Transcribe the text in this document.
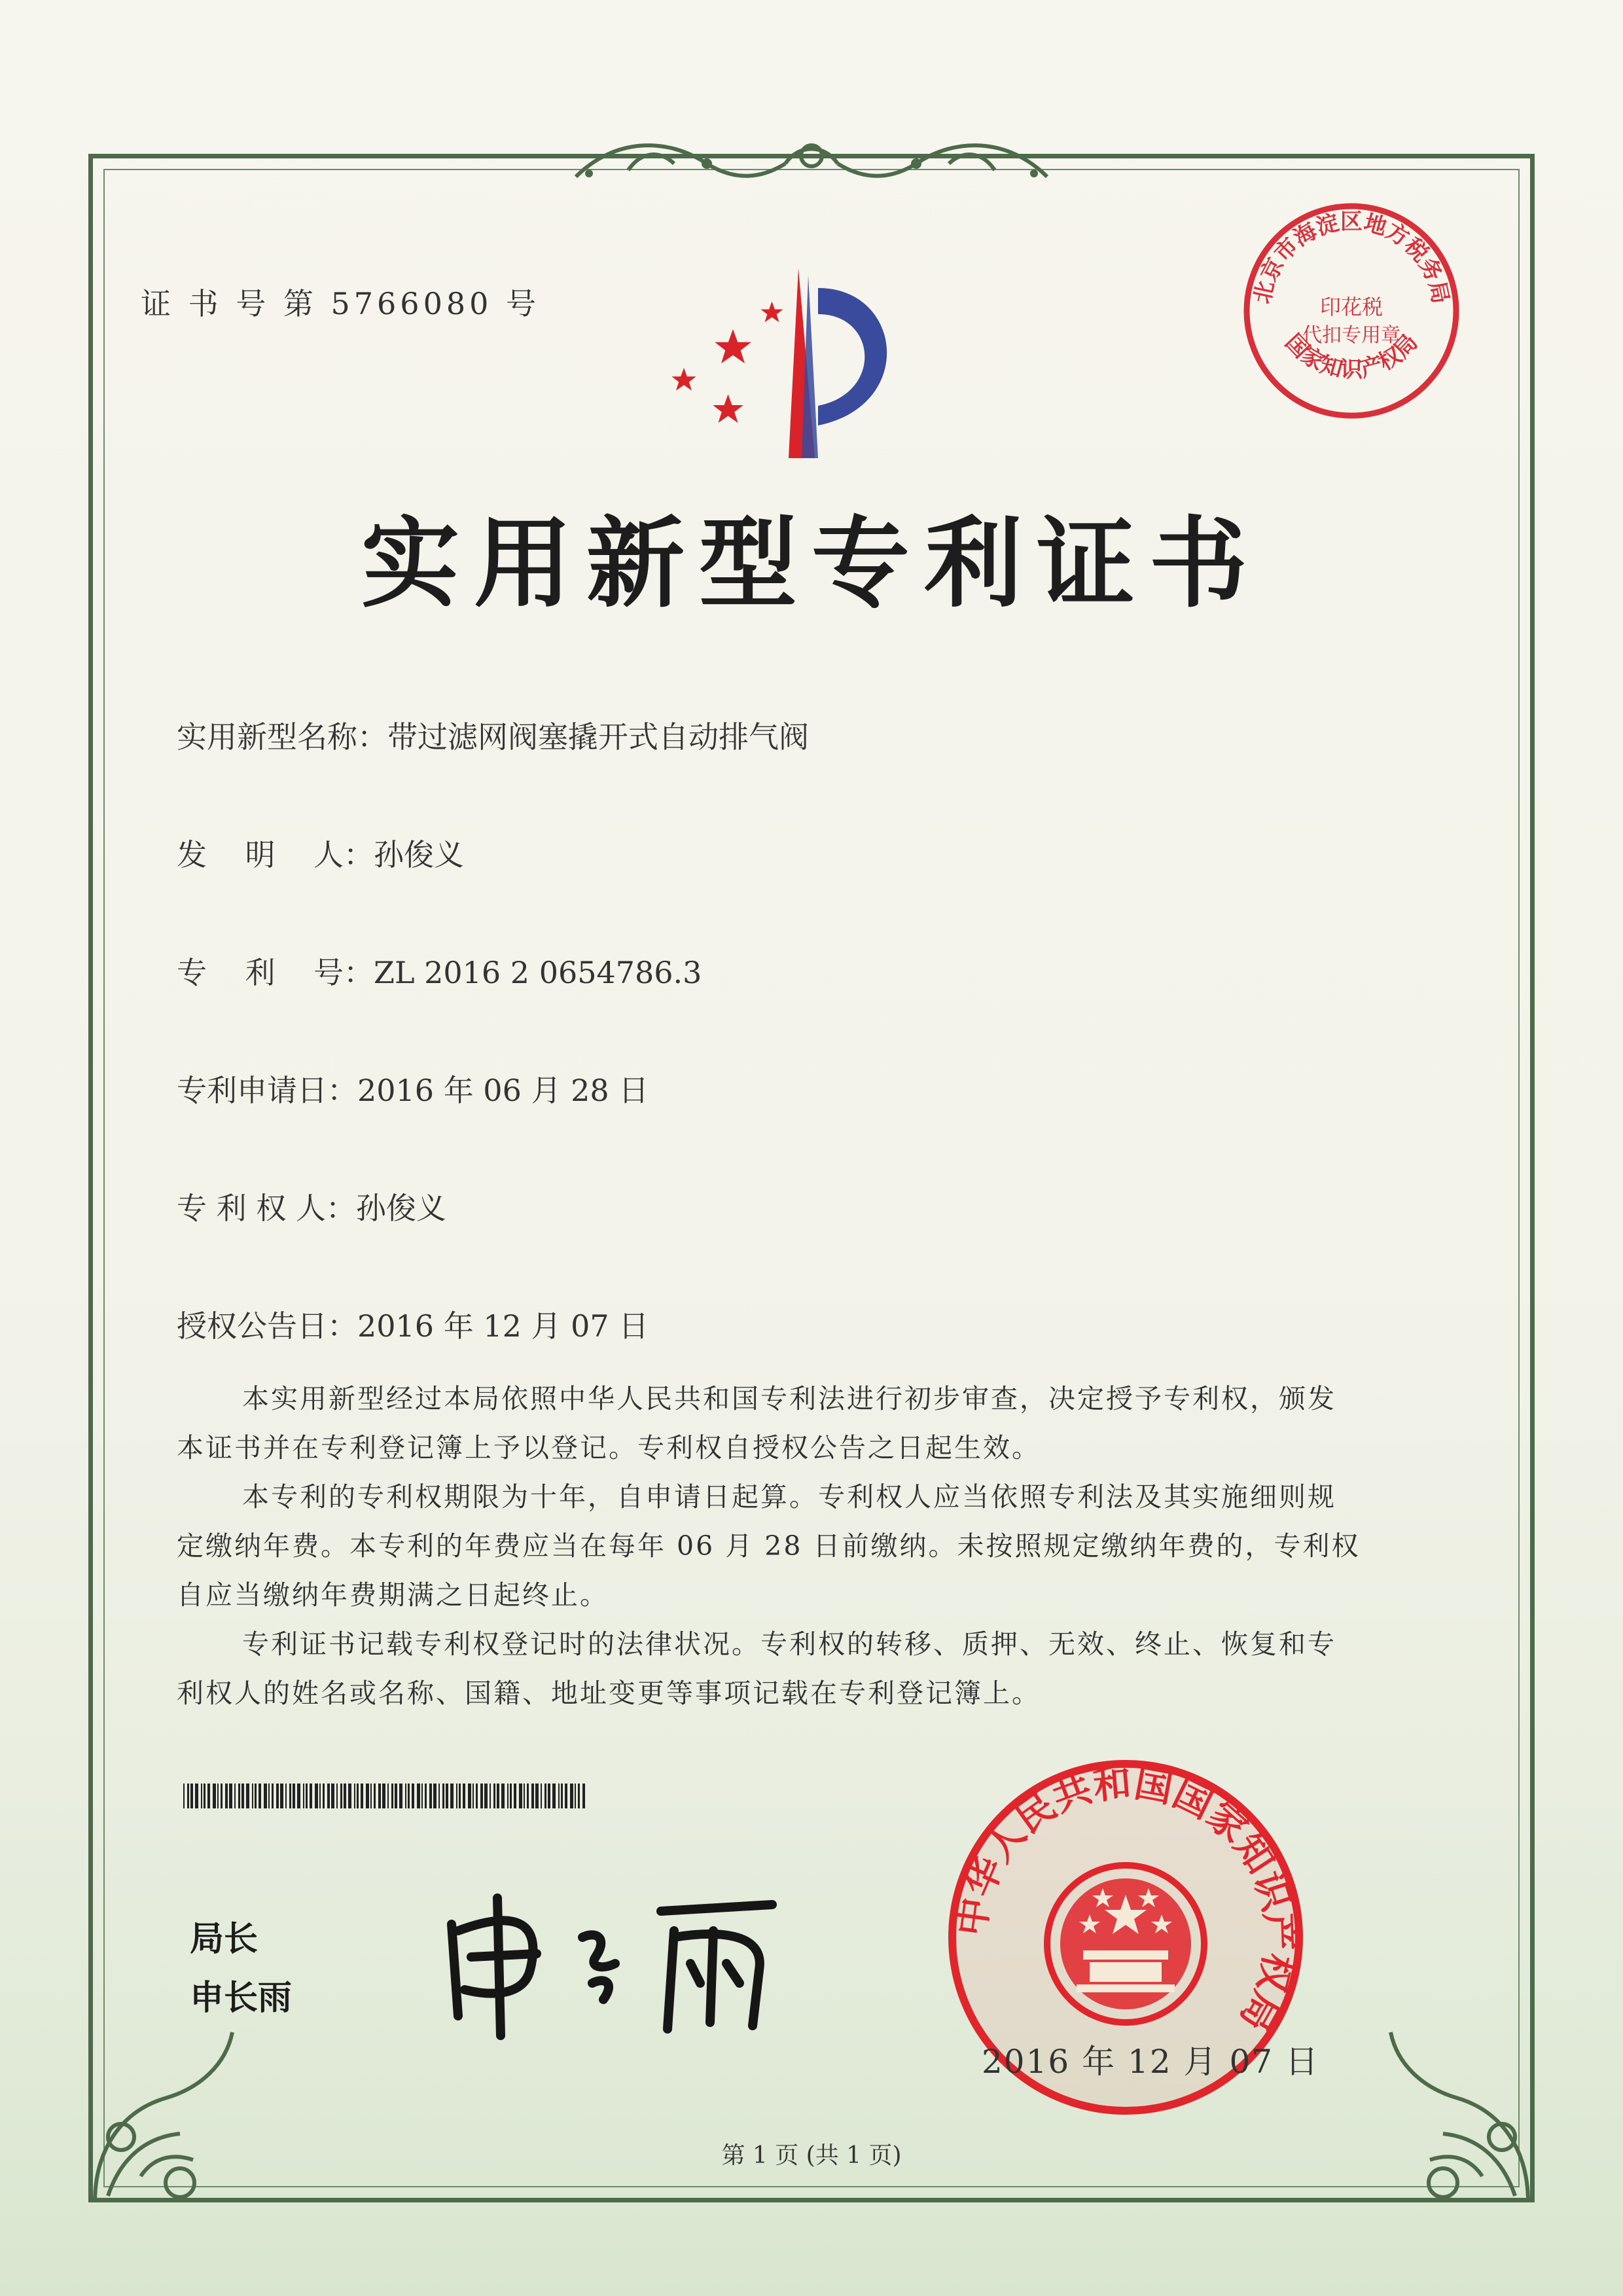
证 书 号 第 5766080 号	北京市海淀区地方税务局
国家知识产权局
印花税
代扣专用章
实用新型专利证书
实用新型名称：带过滤网阀塞撬开式自动排气阀
发    明    人：孙俊义
专    利    号：ZL 2016 2 0654786.3
专利申请日：2016 年 06 月 28 日
专 利 权 人：孙俊义
授权公告日：2016 年 12 月 07 日

本实用新型经过本局依照中华人民共和国专利法进行初步审查，决定授予专利权，颁发本证书并在专利登记簿上予以登记。专利权自授权公告之日起生效。

本专利的专利权期限为十年，自申请日起算。专利权人应当依照专利法及其实施细则规定缴纳年费。本专利的年费应当在每年 06 月 28 日前缴纳。未按照规定缴纳年费的，专利权自应当缴纳年费期满之日起终止。

专利证书记载专利权登记时的法律状况。专利权的转移、质押、无效、终止、恢复和专利权人的姓名或名称、国籍、地址变更等事项记载在专利登记簿上。

局长
申长雨
中华人民共和国国家知识产权局
2016 年 12 月 07 日
第 1 页 (共 1 页)
